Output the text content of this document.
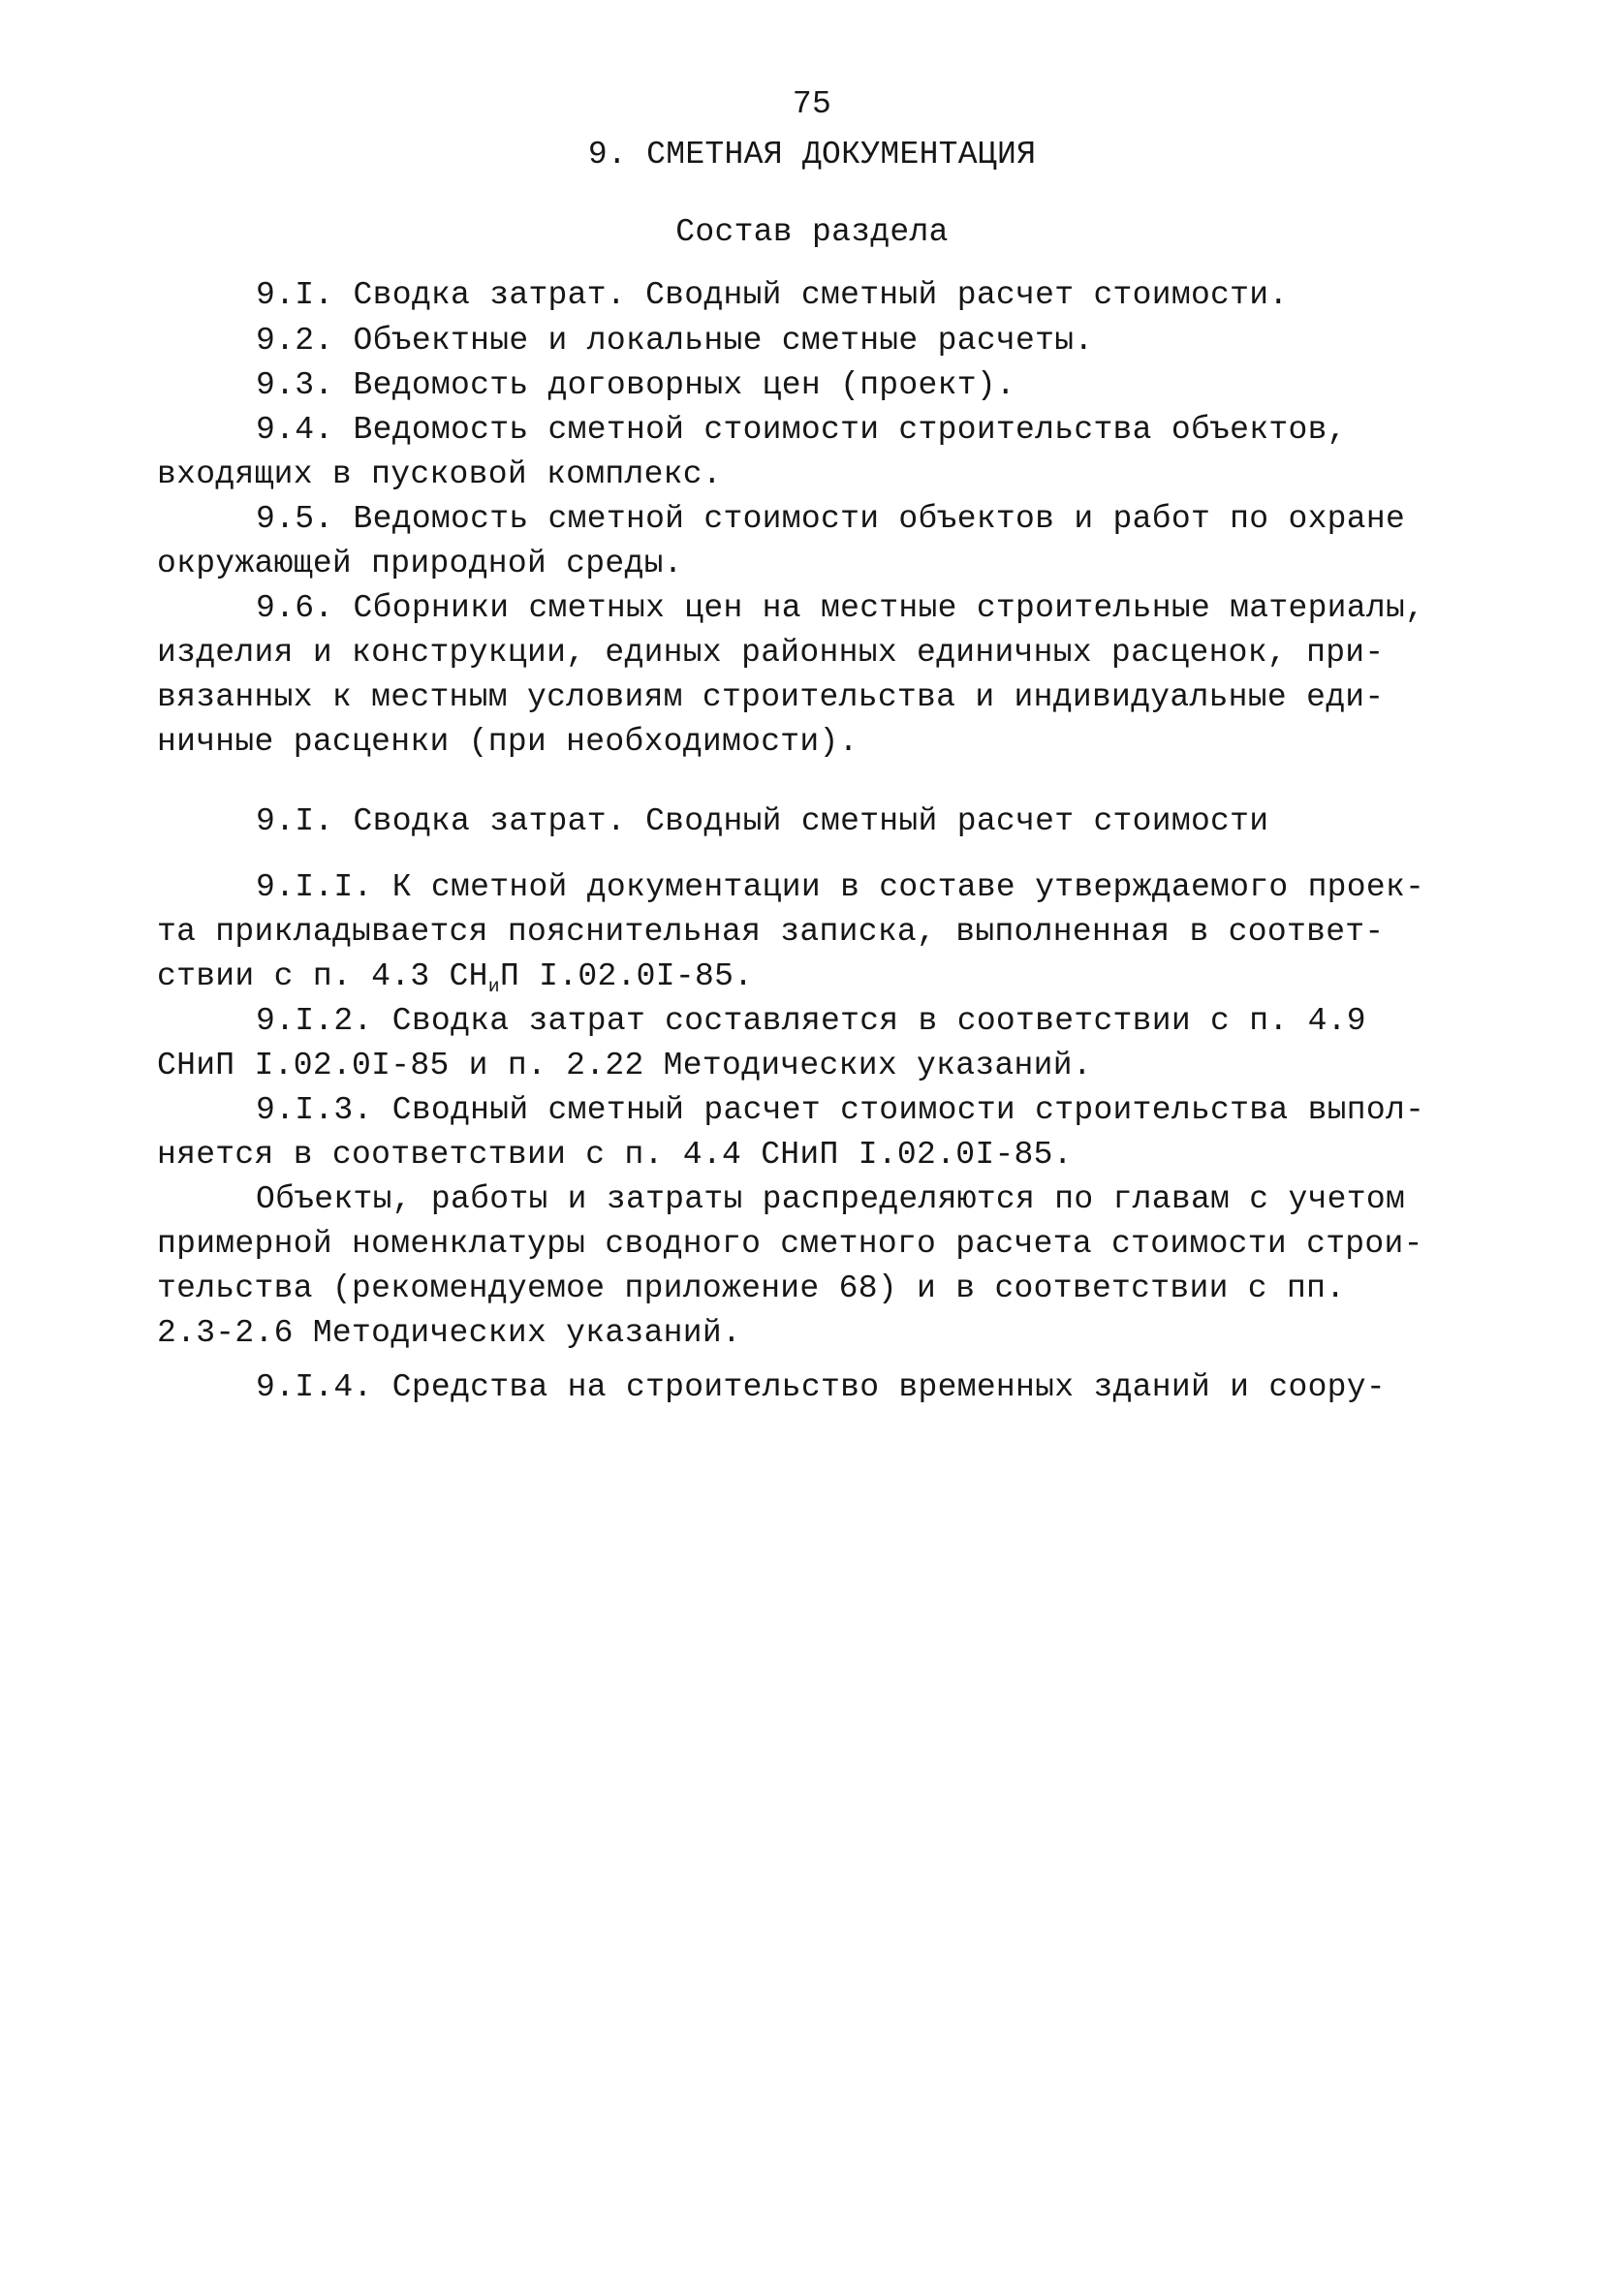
75
9. СМЕТНАЯ ДОКУМЕНТАЦИЯ
Состав раздела
9.I. Сводка затрат. Сводный сметный расчет стоимости.
9.2. Объектные и локальные сметные расчеты.
9.3. Ведомость договорных цен (проект).
9.4. Ведомость сметной стоимости строительства объектов,
входящих в пусковой комплекс.
9.5. Ведомость сметной стоимости объектов и работ по охране
окружающей природной среды.
9.6. Сборники сметных цен на местные строительные материалы,
изделия и конструкции, единых районных единичных расценок, при-
вязанных к местным условиям строительства и индивидуальные еди-
ничные расценки (при необходимости).
9.I. Сводка затрат. Сводный сметный расчет стоимости
9.I.I. К сметной документации в составе утверждаемого проек-
та прикладывается пояснительная записка, выполненная в соответ-
ствии с п. 4.3 $СН_иП$ I.02.0I-85.
9.I.2. Сводка затрат составляется в соответствии с п. 4.9
СНиП I.02.0I-85 и п. 2.22 Методических указаний.
9.I.3. Сводный сметный расчет стоимости строительства выпол-
няется в соответствии с п. 4.4 СНиП I.02.0I-85.
Объекты, работы и затраты распределяются по главам с учетом
примерной номенклатуры сводного сметного расчета стоимости строи-
тельства (рекомендуемое приложение 68) и в соответствии с пп.
2.3-2.6 Методических указаний.
9.I.4. Средства на строительство временных зданий и соору-
